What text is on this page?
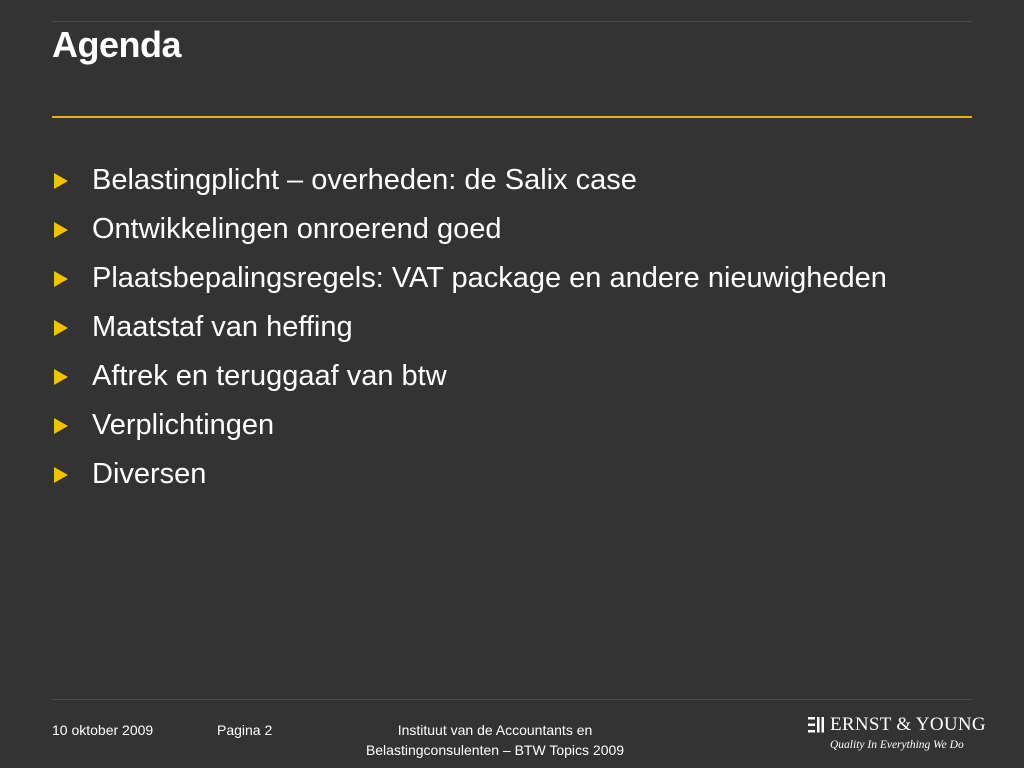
Agenda
Belastingplicht – overheden: de Salix case
Ontwikkelingen onroerend goed
Plaatsbepalingsregels: VAT package en andere nieuwigheden
Maatstaf van heffing
Aftrek en teruggaaf van btw
Verplichtingen
Diversen
10 oktober 2009	Pagina 2	Instituut van de Accountants en
Belastingconsulenten – BTW Topics 2009
ERNST & YOUNG
Quality In Everything We Do
